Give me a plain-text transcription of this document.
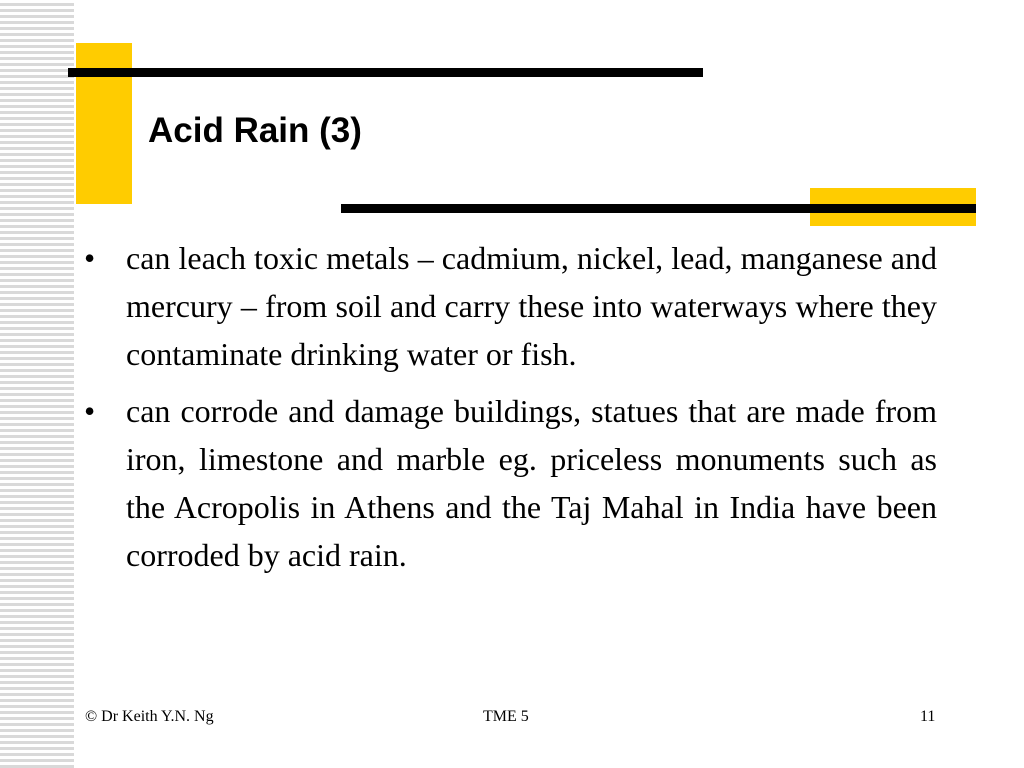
Acid Rain (3)
• can leach toxic metals – cadmium, nickel, lead, manganese and mercury – from soil and carry these into waterways where they contaminate drinking water or fish.
• can corrode and damage buildings, statues that are made from iron, limestone and marble eg. priceless monuments such as the Acropolis in Athens and the Taj Mahal in India have been corroded by acid rain.
© Dr Keith Y.N. Ng	TME 5	11
